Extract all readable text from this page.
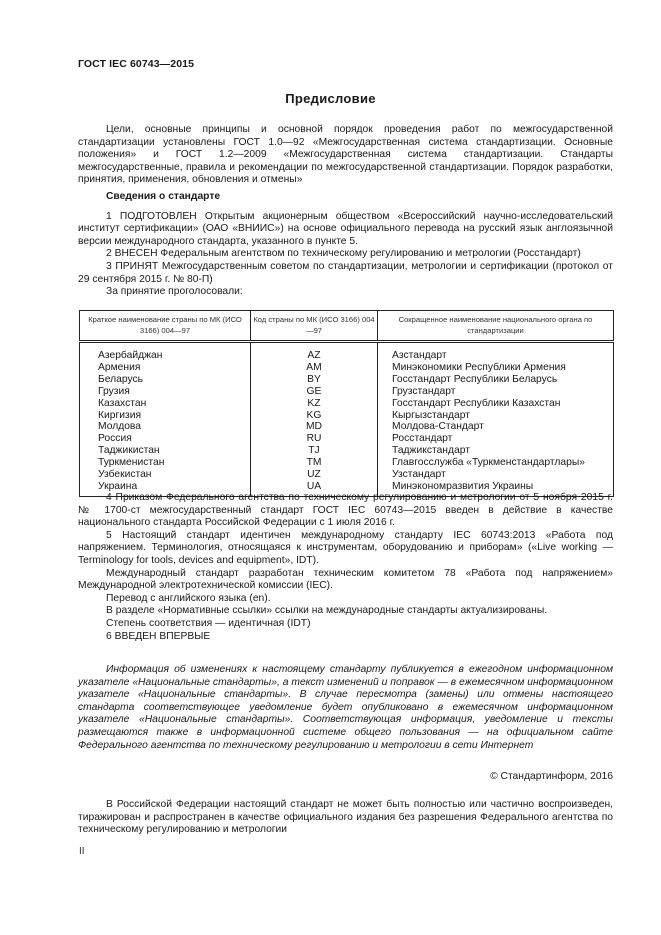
ГОСТ IEC 60743—2015
Предисловие

Цели, основные принципы и основной порядок проведения работ по межгосударственной стандартизации установлены ГОСТ 1.0—92 «Межгосударственная система стандартизации. Основные положения» и ГОСТ 1.2—2009 «Межгосударственная система стандартизации. Стандарты межгосударственные, правила и рекомендации по межгосударственной стандартизации. Порядок разработки, принятия, применения, обновления и отмены»

Сведения о стандарте

1 ПОДГОТОВЛЕН Открытым акционерным обществом «Всероссийский научно-исследовательский институт сертификации» (ОАО «ВНИИС») на основе официального перевода на русский язык англоязычной версии международного стандарта, указанного в пункте 5.

2 ВНЕСЕН Федеральным агентством по техническому регулированию и метрологии (Росстандарт)

3 ПРИНЯТ Межгосударственным советом по стандартизации, метрологии и сертификации (протокол от 29 сентября 2015 г. № 80-П)

За принятие проголосовали:

Краткое наименование страны по МК (ИСО 3166) 004—97	Код страны по МК (ИСО 3166) 004—97	Сокращенное наименование национального органа по стандартизации
Азербайджан	AZ	Азстандарт
Армения	AM	Минэкономики Республики Армения
Беларусь	BY	Госстандарт Республики Беларусь
Грузия	GE	Грузстандарт
Казахстан	KZ	Госстандарт Республики Казахстан
Киргизия	KG	Кыргызстандарт
Молдова	MD	Молдова-Стандарт
Россия	RU	Росстандарт
Таджикистан	TJ	Таджикстандарт
Туркменистан	TM	Главгосслужба «Туркменстандартлары»
Узбекистан	UZ	Узстандарт
Украина	UA	Минэкономразвития Украины

4 Приказом Федерального агентства по техническому регулированию и метрологии от 5 ноября 2015 г. № 1700-ст межгосударственный стандарт ГОСТ IEC 60743—2015 введен в действие в качестве национального стандарта Российской Федерации с 1 июля 2016 г.

5 Настоящий стандарт идентичен международному стандарту IEC 60743:2013 «Работа под напряжением. Терминология, относящаяся к инструментам, оборудованию и приборам» («Live working — Terminology for tools, devices and equipment», IDT).

Международный стандарт разработан техническим комитетом 78 «Работа под напряжением» Международной электротехнической комиссии (IEC).

Перевод с английского языка (en).

В разделе «Нормативные ссылки» ссылки на международные стандарты актуализированы.

Степень соответствия — идентичная (IDT)

6 ВВЕДЕН ВПЕРВЫЕ

Информация об изменениях к настоящему стандарту публикуется в ежегодном информационном указателе «Национальные стандарты», а текст изменений и поправок — в ежемесячном информационном указателе «Национальные стандарты». В случае пересмотра (замены) или отмены настоящего стандарта соответствующее уведомление будет опубликовано в ежемесячном информационном указателе «Национальные стандарты». Соответствующая информация, уведомление и тексты размещаются также в информационной системе общего пользования — на официальном сайте Федерального агентства по техническому регулированию и метрологии в сети Интернет

© Стандартинформ, 2016

В Российской Федерации настоящий стандарт не может быть полностью или частично воспроизведен, тиражирован и распространен в качестве официального издания без разрешения Федерального агентства по техническому регулированию и метрологии

II
